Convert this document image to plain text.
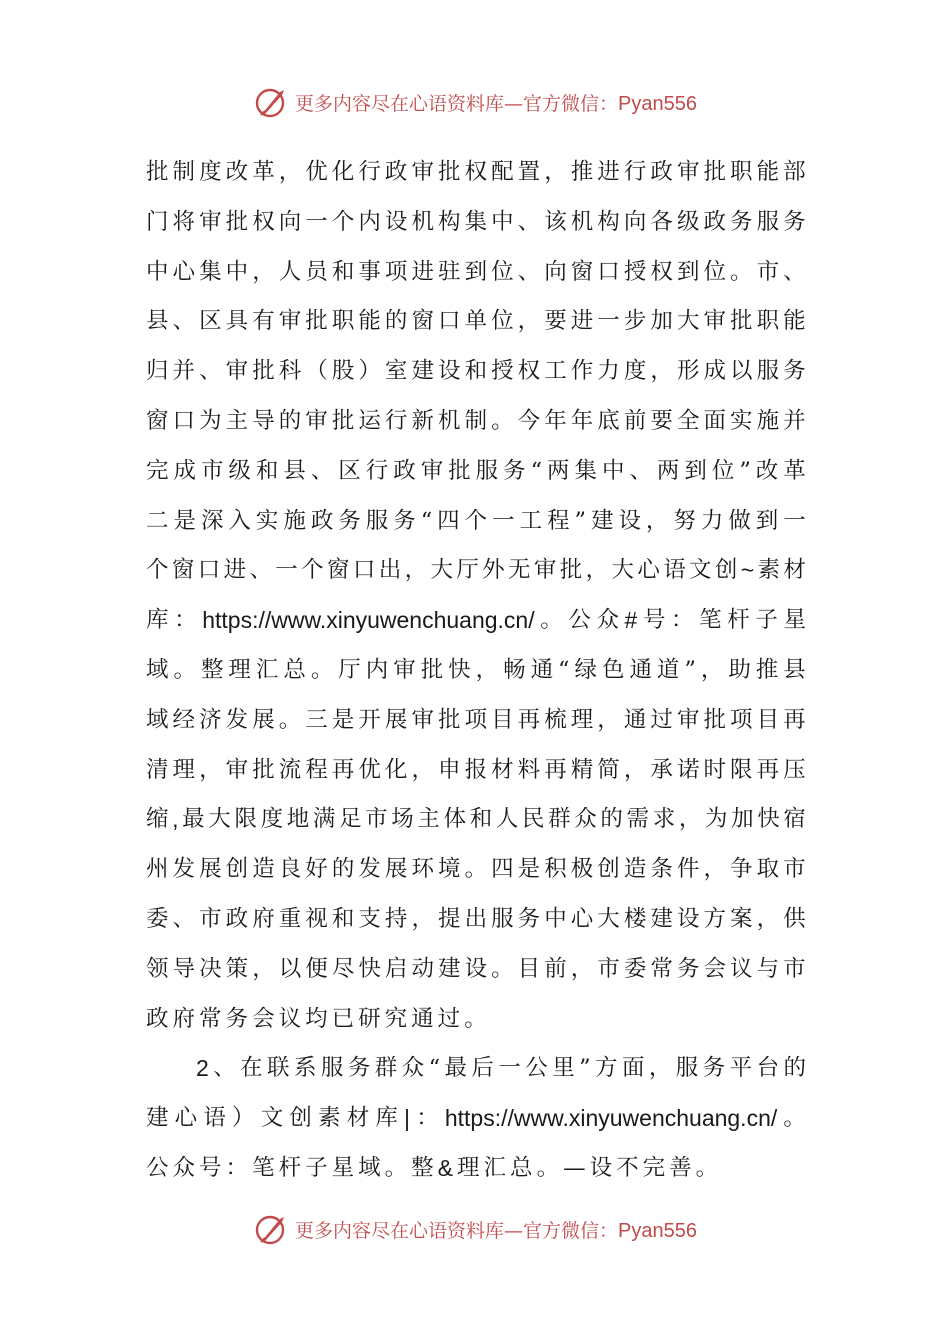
更多内容尽在心语资料库—官方微信：Pyan556
批 制 度 改 革 ， 优 化 行 政 审 批 权 配 置 ， 推 进 行 政 审 批 职 能 部
门 将 审 批 权 向 一 个 内 设 机 构 集 中 、 该 机 构 向 各 级 政 务 服 务
中 心 集 中 ， 人 员 和 事 项 进 驻 到 位 、 向 窗 口 授 权 到 位 。 市 、
县 、 区 具 有 审 批 职 能 的 窗 口 单 位 ， 要 进 一 步 加 大 审 批 职 能
归 并 、 审 批 科 （ 股 ） 室 建 设 和 授 权 工 作 力 度 ， 形 成 以 服 务
窗 口 为 主 导 的 审 批 运 行 新 机 制 。 今 年 年 底 前 要 全 面 实 施 并
完 成 市 级 和 县 、 区 行 政 审 批 服 务 “ 两 集 中 、 两 到 位 ” 改 革
二 是 深 入 实 施 政 务 服 务 “ 四 个 一 工 程 ” 建 设 ， 努 力 做 到 一
个 窗 口 进 、 一 个 窗 口 出 ， 大 厅 外 无 审 批 ， 大 心 语 文 创 ~ 素 材
库 ： https://www.xinyuwenchuang.cn/ 。 公 众 # 号 ： 笔 杆 子 星
域 。 整 理 汇 总 。 厅 内 审 批 快 ， 畅 通 “ 绿 色 通 道 ” ， 助 推 县
域 经 济 发 展 。 三 是 开 展 审 批 项 目 再 梳 理 ， 通 过 审 批 项 目 再
清 理 ， 审 批 流 程 再 优 化 ， 申 报 材 料 再 精 简 ， 承 诺 时 限 再 压
缩 , 最 大 限 度 地 满 足 市 场 主 体 和 人 民 群 众 的 需 求 ， 为 加 快 宿
州 发 展 创 造 良 好 的 发 展 环 境 。 四 是 积 极 创 造 条 件 ， 争 取 市
委 、 市 政 府 重 视 和 支 持 ， 提 出 服 务 中 心 大 楼 建 设 方 案 ， 供
领 导 决 策 ， 以 便 尽 快 启 动 建 设 。 目 前 ， 市 委 常 务 会 议 与 市
政 府 常 务 会 议 均 已 研 究 通 过 。
2 、 在 联 系 服 务 群 众 “ 最 后 一 公 里 ” 方 面 ， 服 务 平 台 的
建 心 语 ） 文 创 素 材 库 | ： https://www.xinyuwenchuang.cn/ 。
公 众 号 ： 笔 杆 子 星 域 。 整 & 理 汇 总 。 — 设 不 完 善 。
更多内容尽在心语资料库—官方微信：Pyan556
